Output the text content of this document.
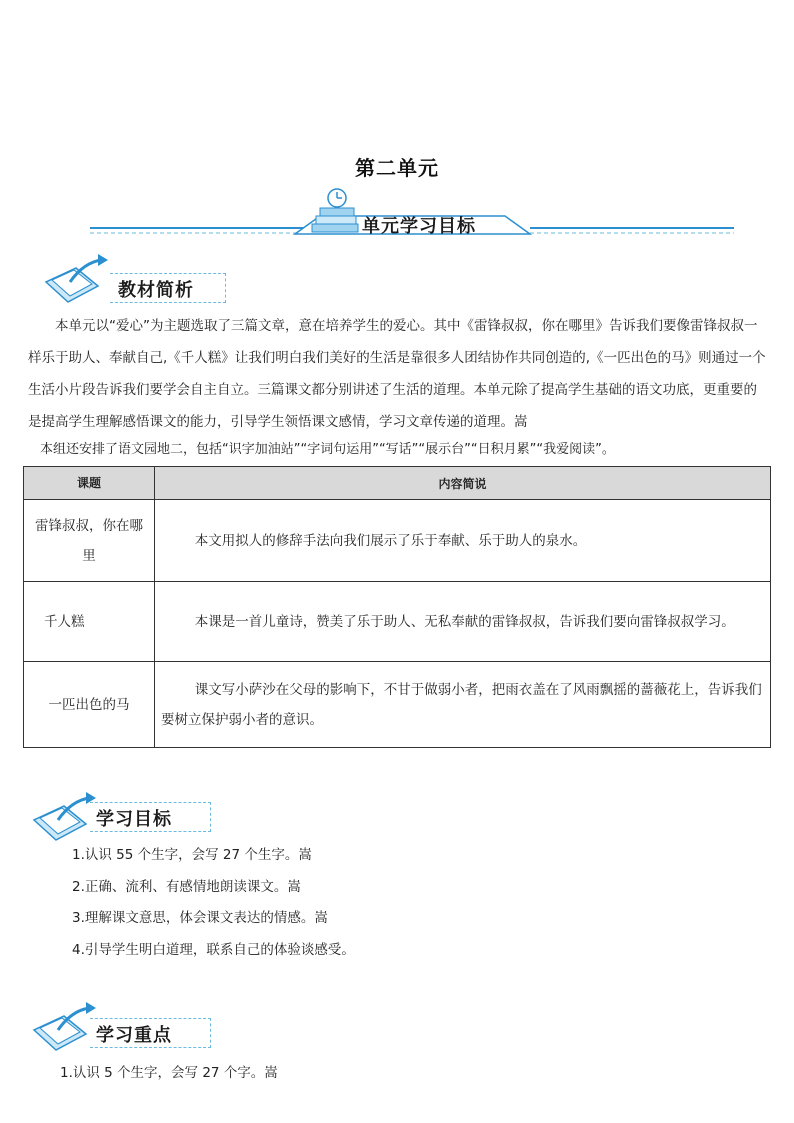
第二单元
单元学习目标
教材简析

本单元以“爱心”为主题选取了三篇文章，意在培养学生的爱心。其中《雷锋叔叔，你在哪里》告诉我们要像雷锋叔叔一样乐于助人、奉献自己,《千人糕》让我们明白我们美好的生活是靠很多人团结协作共同创造的,《一匹出色的马》则通过一个生活小片段告诉我们要学会自主自立。三篇课文都分别讲述了生活的道理。本单元除了提高学生基础的语文功底，更重要的是提高学生理解感悟课文的能力，引导学生领悟课文感情，学习文章传递的道理。嵩

本组还安排了语文园地二，包括“识字加油站”“字词句运用”“写话”“展示台”“日积月累”“我爱阅读”。
课题	内容简说
雷锋叔叔，你在哪里	本文用拟人的修辞手法向我们展示了乐于奉献、乐于助人的泉水。
千人糕	本课是一首儿童诗，赞美了乐于助人、无私奉献的雷锋叔叔，告诉我们要向雷锋叔叔学习。
一匹出色的马	课文写小萨沙在父母的影响下，不甘于做弱小者，把雨衣盖在了风雨飘摇的蔷薇花上，告诉我们要树立保护弱小者的意识。
学习目标
1.认识 55 个生字，会写 27 个生字。嵩
2.正确、流利、有感情地朗读课文。嵩
3.理解课文意思，体会课文表达的情感。嵩
4.引导学生明白道理，联系自己的体验谈感受。
学习重点
1.认识 5 个生字，会写 27 个字。嵩
